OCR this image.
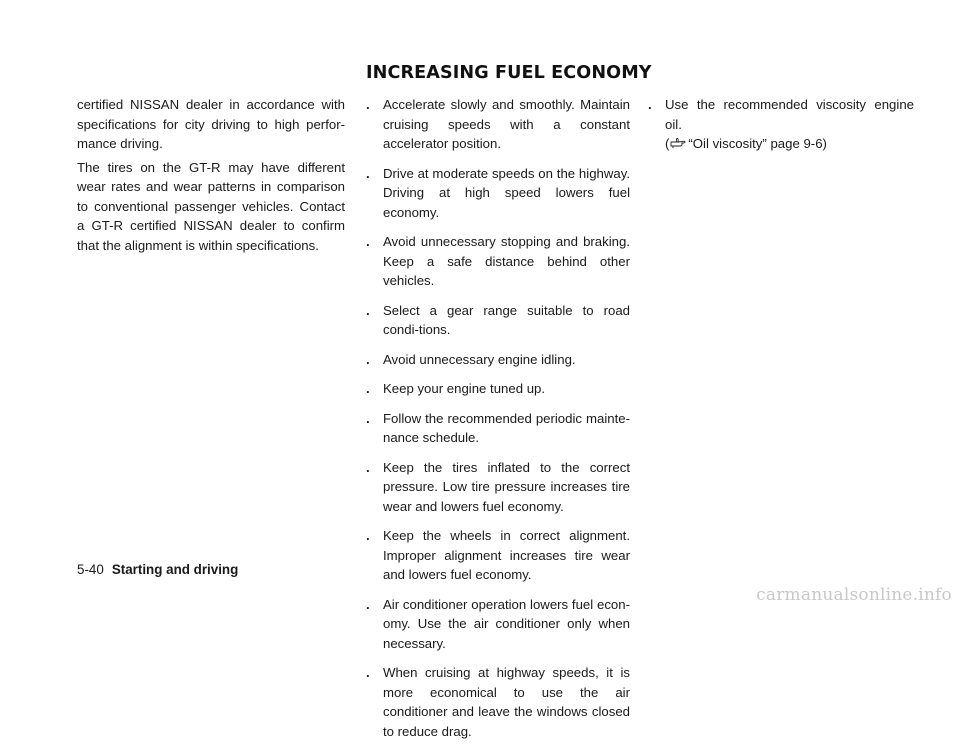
certified NISSAN dealer in accordance with specifications for city driving to high perfor-mance driving.

The tires on the GT-R may have different wear rates and wear patterns in comparison to conventional passenger vehicles. Contact a GT-R certified NISSAN dealer to confirm that the alignment is within specifications.

INCREASING FUEL ECONOMY
. Accelerate slowly and smoothly. Maintain cruising speeds with a constant accelerator position.
. Drive at moderate speeds on the highway. Driving at high speed lowers fuel economy.
. Avoid unnecessary stopping and braking. Keep a safe distance behind other vehicles.
. Select a gear range suitable to road condi-tions.
. Avoid unnecessary engine idling.
. Keep your engine tuned up.
. Follow the recommended periodic mainte-nance schedule.
. Keep the tires inflated to the correct pressure. Low tire pressure increases tire wear and lowers fuel economy.
. Keep the wheels in correct alignment. Improper alignment increases tire wear and lowers fuel economy.
. Air conditioner operation lowers fuel econ-omy. Use the air conditioner only when necessary.
. When cruising at highway speeds, it is more economical to use the air conditioner and leave the windows closed to reduce drag.
. Use the recommended viscosity engine oil.
( “Oil viscosity” page 9-6)
5-40 Starting and driving
carmanualsonline.info
